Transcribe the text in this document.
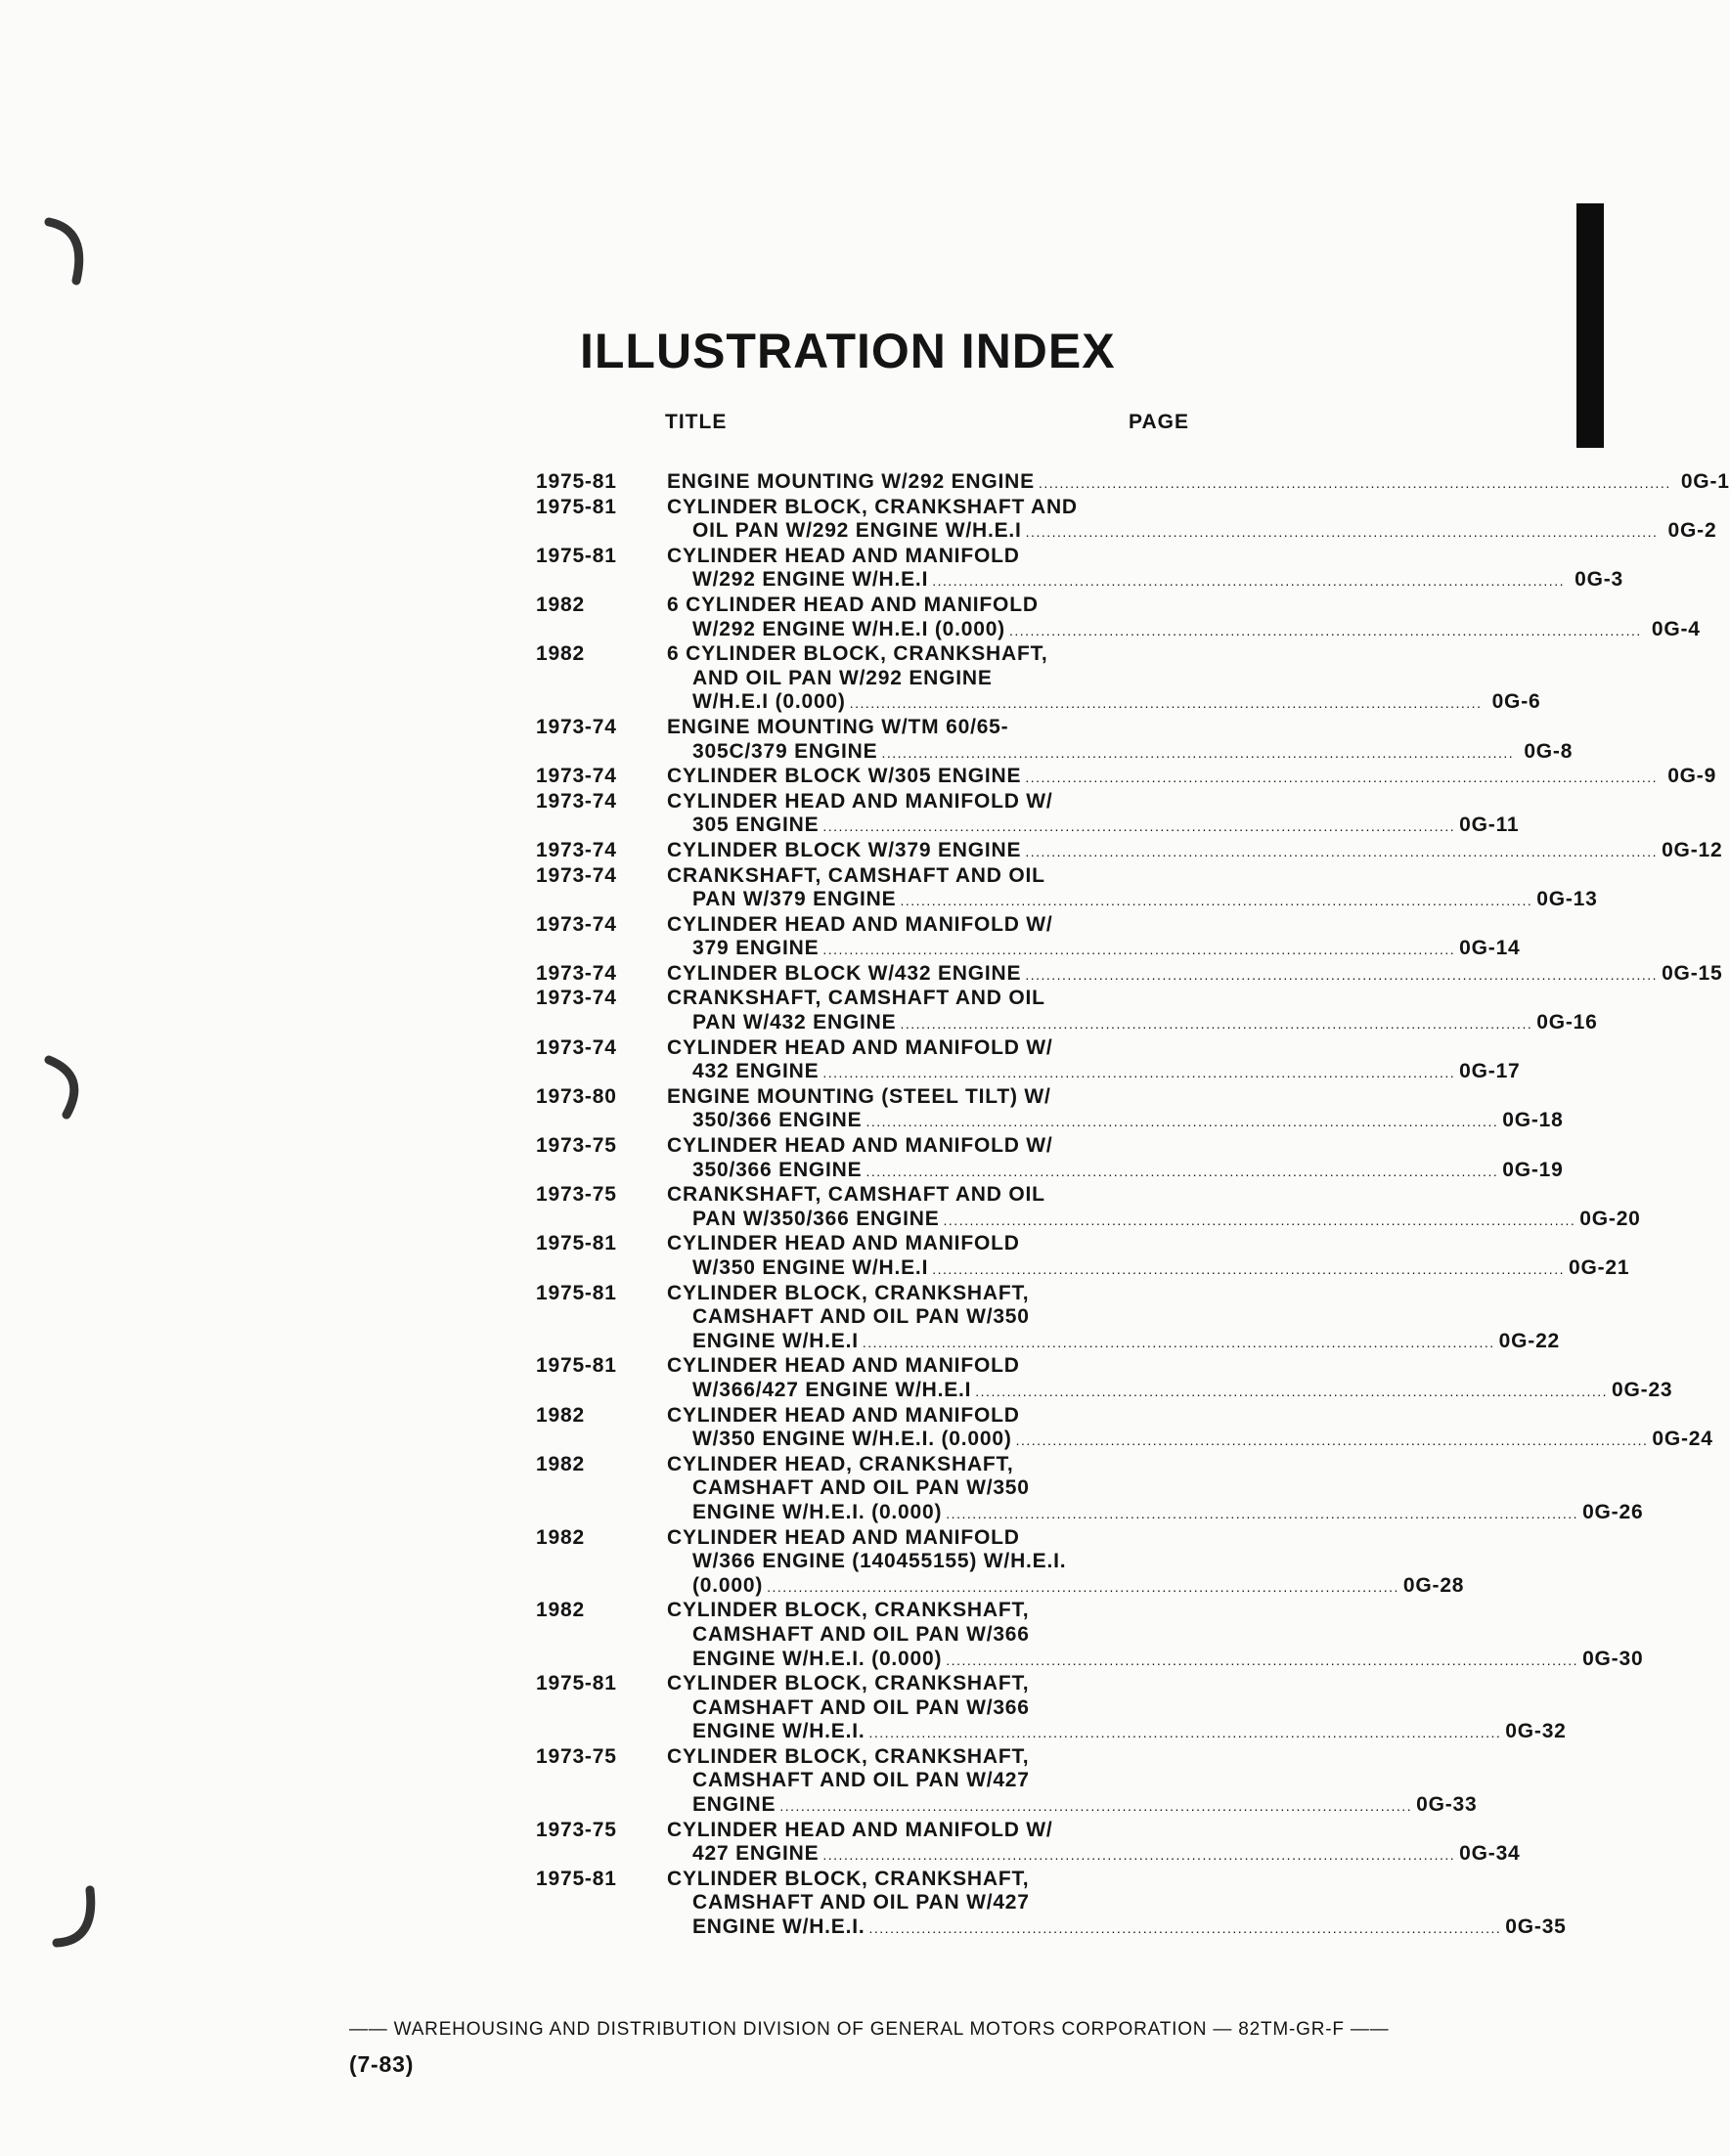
ILLUSTRATION INDEX
TITLE	PAGE
1975-81	ENGINE MOUNTING W/292 ENGINE ........................................................................................................................ 0G-1
1975-81	CYLINDER BLOCK, CRANKSHAFT AND
OIL PAN W/292 ENGINE W/H.E.I ........................................................................................................................ 0G-2
1975-81	CYLINDER HEAD AND MANIFOLD
W/292 ENGINE W/H.E.I ........................................................................................................................ 0G-3
1982	6 CYLINDER HEAD AND MANIFOLD
W/292 ENGINE W/H.E.I (0.000) ........................................................................................................................ 0G-4
1982	6 CYLINDER BLOCK, CRANKSHAFT,
AND OIL PAN W/292 ENGINE
W/H.E.I (0.000) ........................................................................................................................ 0G-6
1973-74	ENGINE MOUNTING W/TM 60/65-
305C/379 ENGINE ........................................................................................................................ 0G-8
1973-74	CYLINDER BLOCK W/305 ENGINE ........................................................................................................................ 0G-9
1973-74	CYLINDER HEAD AND MANIFOLD W/
305 ENGINE ........................................................................................................................ 0G-11
1973-74	CYLINDER BLOCK W/379 ENGINE ........................................................................................................................ 0G-12
1973-74	CRANKSHAFT, CAMSHAFT AND OIL
PAN W/379 ENGINE ........................................................................................................................ 0G-13
1973-74	CYLINDER HEAD AND MANIFOLD W/
379 ENGINE ........................................................................................................................ 0G-14
1973-74	CYLINDER BLOCK W/432 ENGINE ........................................................................................................................ 0G-15
1973-74	CRANKSHAFT, CAMSHAFT AND OIL
PAN W/432 ENGINE ........................................................................................................................ 0G-16
1973-74	CYLINDER HEAD AND MANIFOLD W/
432 ENGINE ........................................................................................................................ 0G-17
1973-80	ENGINE MOUNTING (STEEL TILT) W/
350/366 ENGINE ........................................................................................................................ 0G-18
1973-75	CYLINDER HEAD AND MANIFOLD W/
350/366 ENGINE ........................................................................................................................ 0G-19
1973-75	CRANKSHAFT, CAMSHAFT AND OIL
PAN W/350/366 ENGINE ........................................................................................................................ 0G-20
1975-81	CYLINDER HEAD AND MANIFOLD
W/350 ENGINE W/H.E.I ........................................................................................................................ 0G-21
1975-81	CYLINDER BLOCK, CRANKSHAFT,
CAMSHAFT AND OIL PAN W/350
ENGINE W/H.E.I ........................................................................................................................ 0G-22
1975-81	CYLINDER HEAD AND MANIFOLD
W/366/427 ENGINE W/H.E.I ........................................................................................................................ 0G-23
1982	CYLINDER HEAD AND MANIFOLD
W/350 ENGINE W/H.E.I. (0.000) ........................................................................................................................ 0G-24
1982	CYLINDER HEAD, CRANKSHAFT,
CAMSHAFT AND OIL PAN W/350
ENGINE W/H.E.I. (0.000) ........................................................................................................................ 0G-26
1982	CYLINDER HEAD AND MANIFOLD
W/366 ENGINE (140455155) W/H.E.I.
(0.000) ........................................................................................................................ 0G-28
1982	CYLINDER BLOCK, CRANKSHAFT,
CAMSHAFT AND OIL PAN W/366
ENGINE W/H.E.I. (0.000) ........................................................................................................................ 0G-30
1975-81	CYLINDER BLOCK, CRANKSHAFT,
CAMSHAFT AND OIL PAN W/366
ENGINE W/H.E.I. ........................................................................................................................ 0G-32
1973-75	CYLINDER BLOCK, CRANKSHAFT,
CAMSHAFT AND OIL PAN W/427
ENGINE ........................................................................................................................ 0G-33
1973-75	CYLINDER HEAD AND MANIFOLD W/
427 ENGINE ........................................................................................................................ 0G-34
1975-81	CYLINDER BLOCK, CRANKSHAFT,
CAMSHAFT AND OIL PAN W/427
ENGINE W/H.E.I. ........................................................................................................................ 0G-35
—— WAREHOUSING AND DISTRIBUTION DIVISION OF GENERAL MOTORS CORPORATION — 82TM-GR-F ——
(7-83)
